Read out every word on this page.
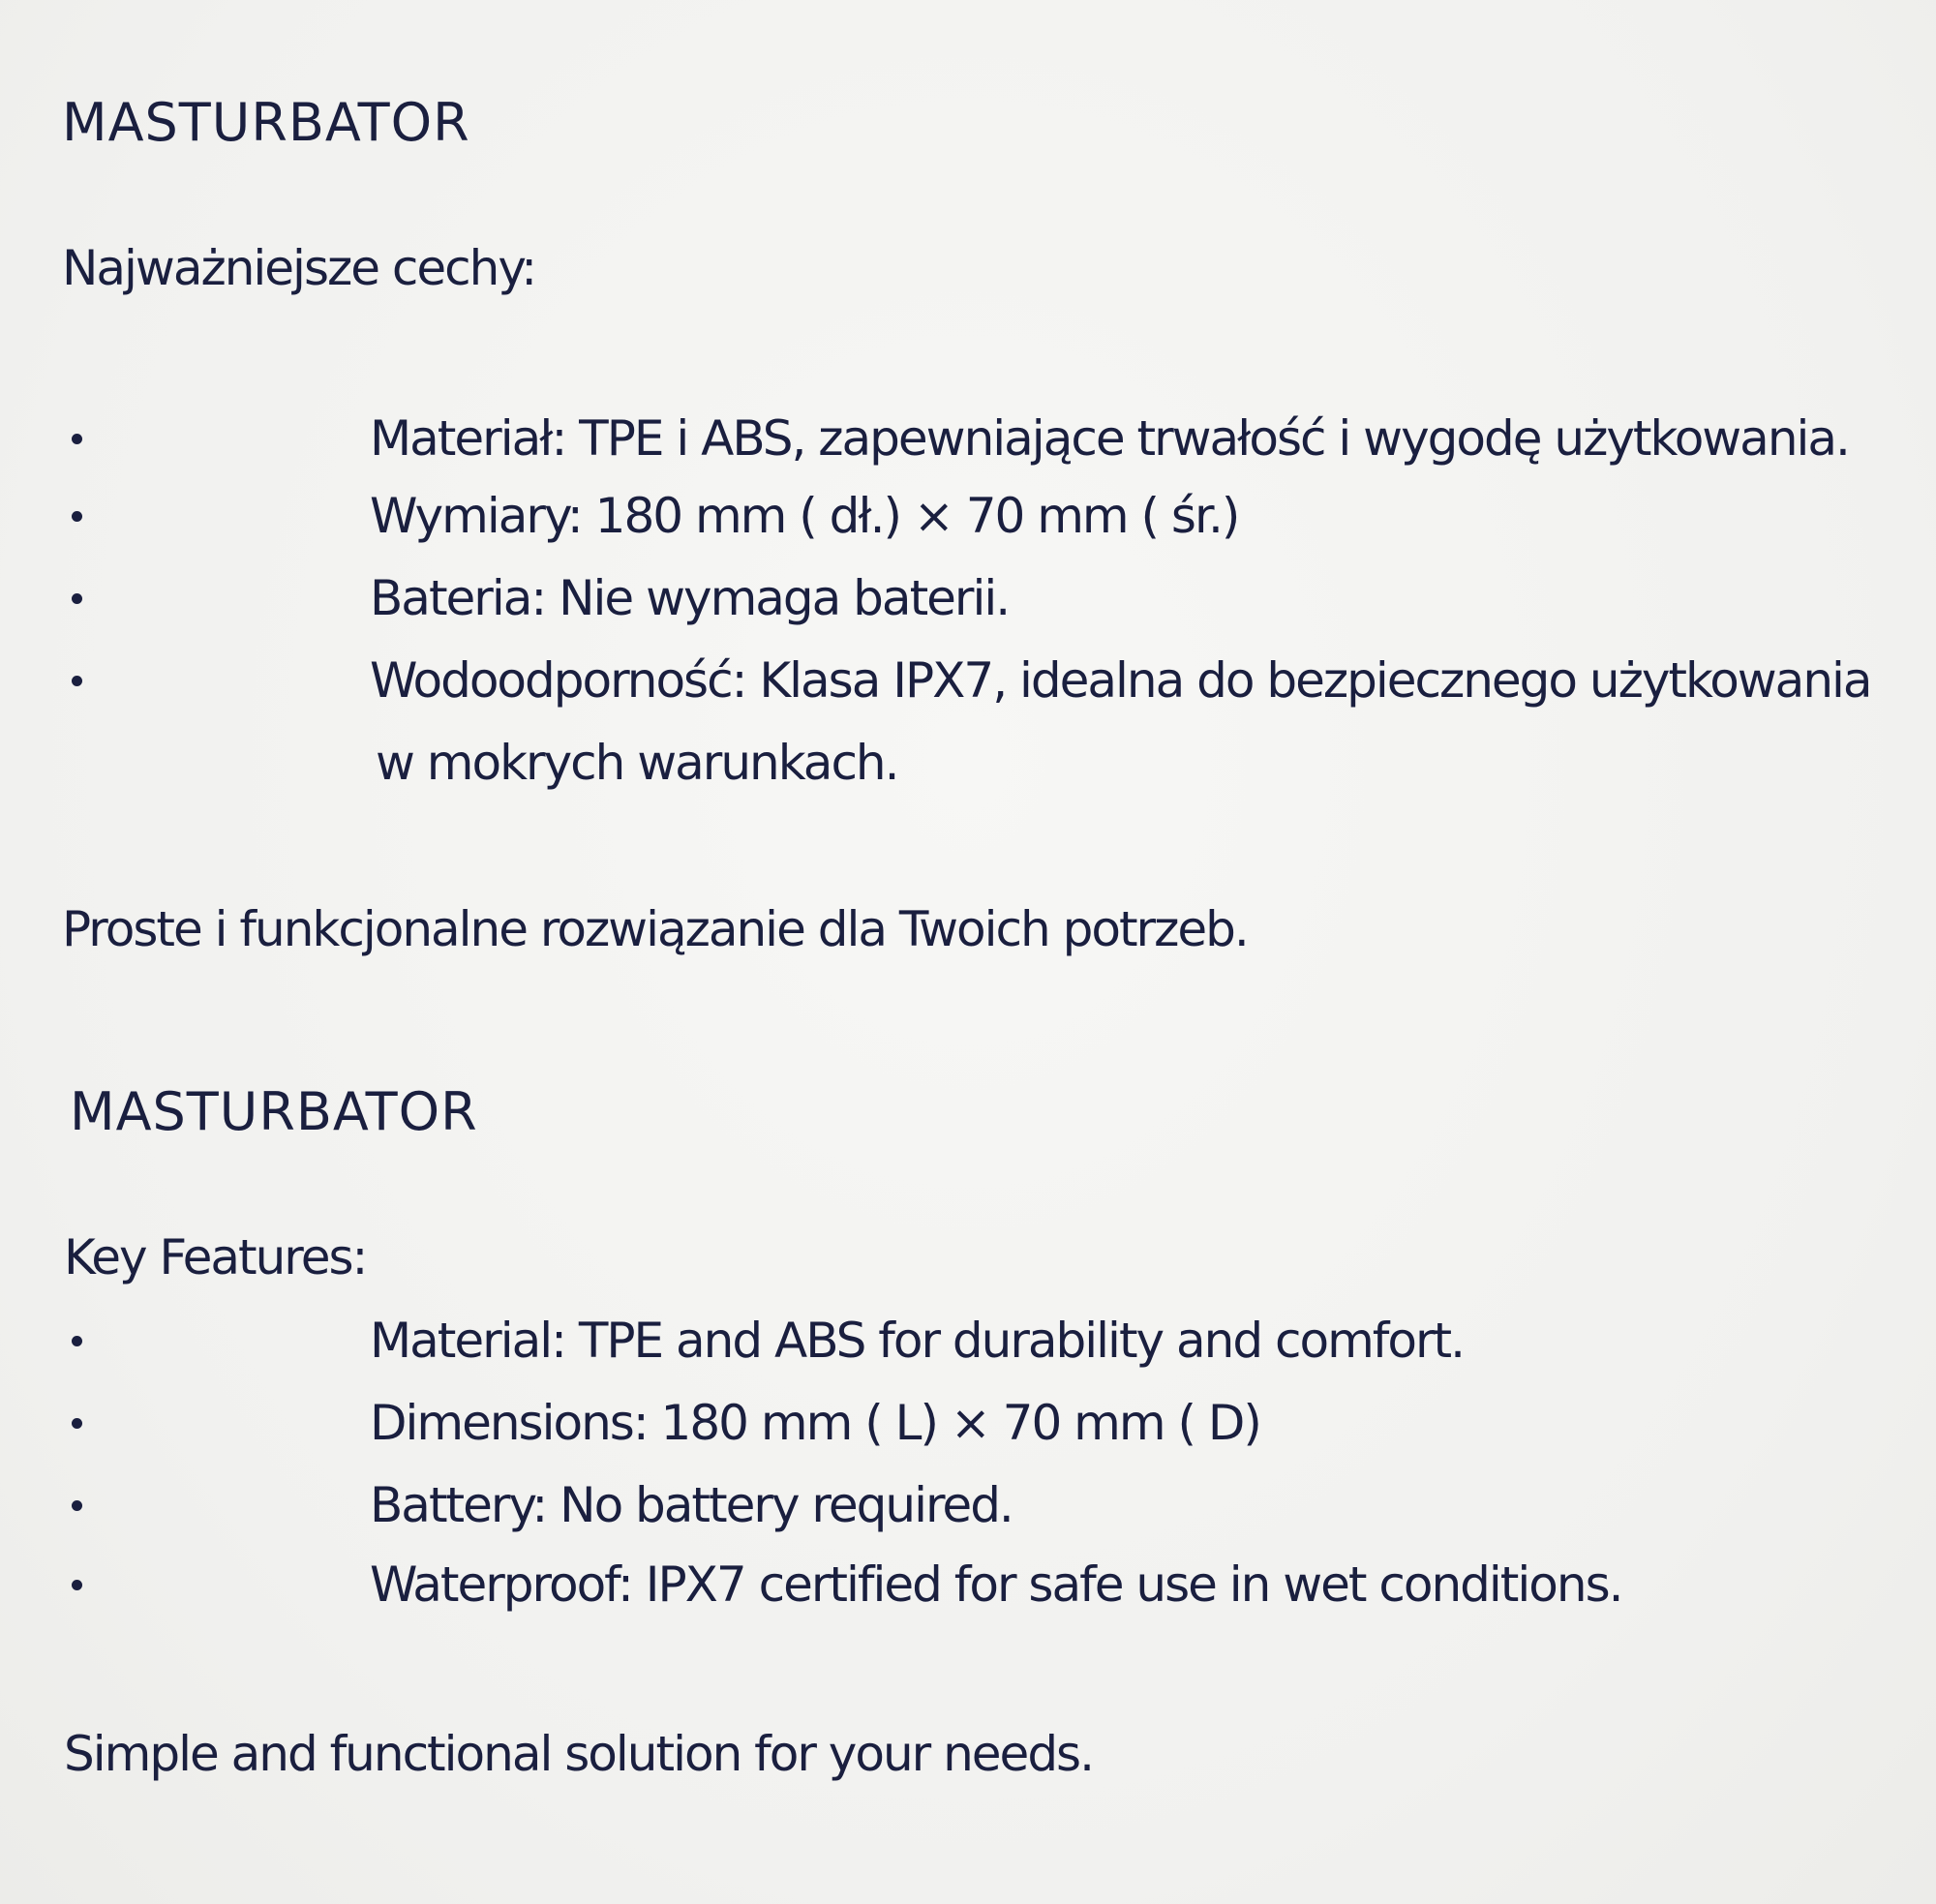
MASTURBATOR
Najważniejsze cechy:
Materiał: TPE i ABS, zapewniające trwałość i wygodę użytkowania.
Wymiary: 180 mm ( dł.) × 70 mm ( śr.)
Bateria: Nie wymaga baterii.
Wodoodporność: Klasa IPX7, idealna do bezpiecznego użytkowania
w mokrych warunkach.
Proste i funkcjonalne rozwiązanie dla Twoich potrzeb.
MASTURBATOR
Key Features:
Material: TPE and ABS for durability and comfort.
Dimensions: 180 mm ( L) × 70 mm ( D)
Battery: No battery required.
Waterproof: IPX7 certified for safe use in wet conditions.
Simple and functional solution for your needs.
